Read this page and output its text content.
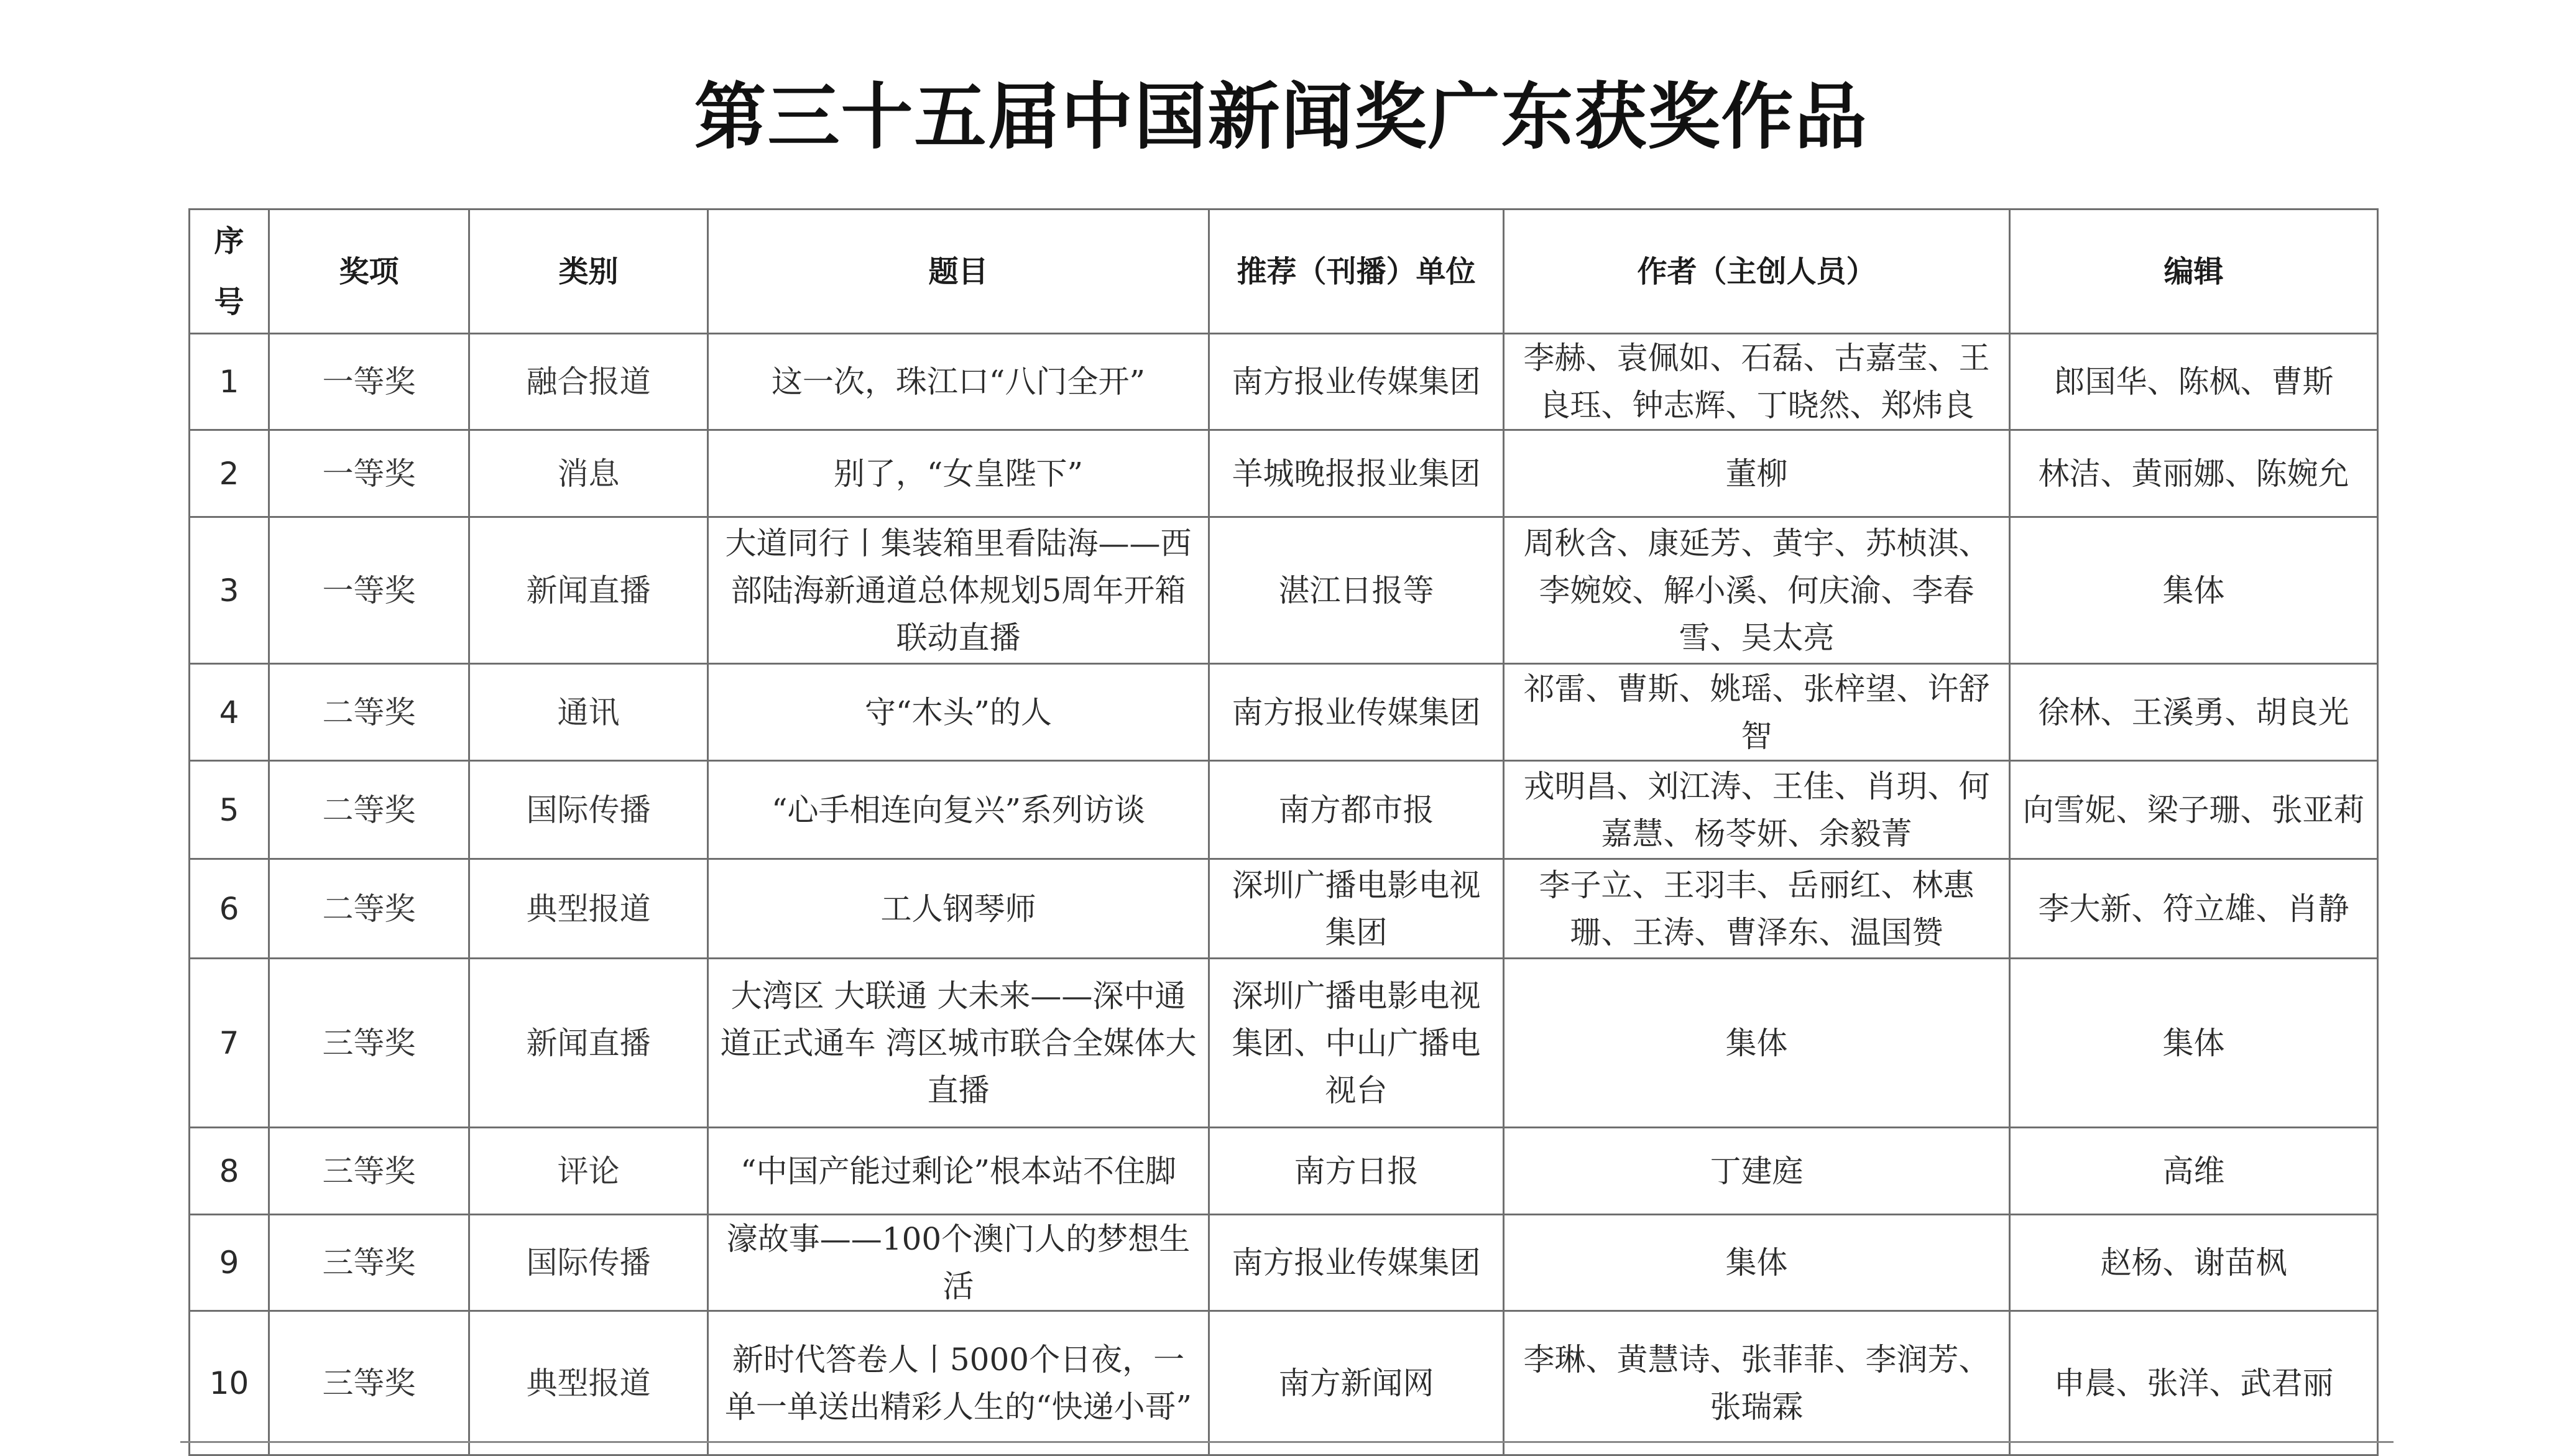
第三十五届中国新闻奖广东获奖作品
序
号	奖项	类别	题目	推荐（刊播）单位	作者（主创人员）	编辑
1	一等奖	融合报道	这一次，珠江口“八门全开”	南方报业传媒集团	李赫、袁佩如、石磊、古嘉莹、王良珏、钟志辉、丁晓然、郑炜良	郎国华、陈枫、曹斯
2	一等奖	消息	别了，“女皇陛下”	羊城晚报报业集团	董柳	林洁、黄丽娜、陈婉允
3	一等奖	新闻直播	大道同行丨集装箱里看陆海——西部陆海新通道总体规划5周年开箱联动直播	湛江日报等	周秋含、康延芳、黄宇、苏桢淇、李婉姣、解小溪、何庆渝、李春雪、吴太亮	集体
4	二等奖	通讯	守“木头”的人	南方报业传媒集团	祁雷、曹斯、姚瑶、张梓望、许舒智	徐林、王溪勇、胡良光
5	二等奖	国际传播	“心手相连向复兴”系列访谈	南方都市报	戎明昌、刘江涛、王佳、肖玥、何嘉慧、杨苓妍、余毅菁	向雪妮、梁子珊、张亚莉
6	二等奖	典型报道	工人钢琴师	深圳广播电影电视集团	李子立、王羽丰、岳丽红、林惠珊、王涛、曹泽东、温国赞	李大新、符立雄、肖静
7	三等奖	新闻直播	大湾区 大联通 大未来——深中通道正式通车 湾区城市联合全媒体大直播	深圳广播电影电视集团、中山广播电视台	集体	集体
8	三等奖	评论	“中国产能过剩论”根本站不住脚	南方日报	丁建庭	高维
9	三等奖	国际传播	濠故事——100个澳门人的梦想生活	南方报业传媒集团	集体	赵杨、谢苗枫
10	三等奖	典型报道	新时代答卷人丨5000个日夜，一单一单送出精彩人生的“快递小哥”	南方新闻网	李琳、黄慧诗、张菲菲、李润芳、张瑞霖	申晨、张洋、武君丽
